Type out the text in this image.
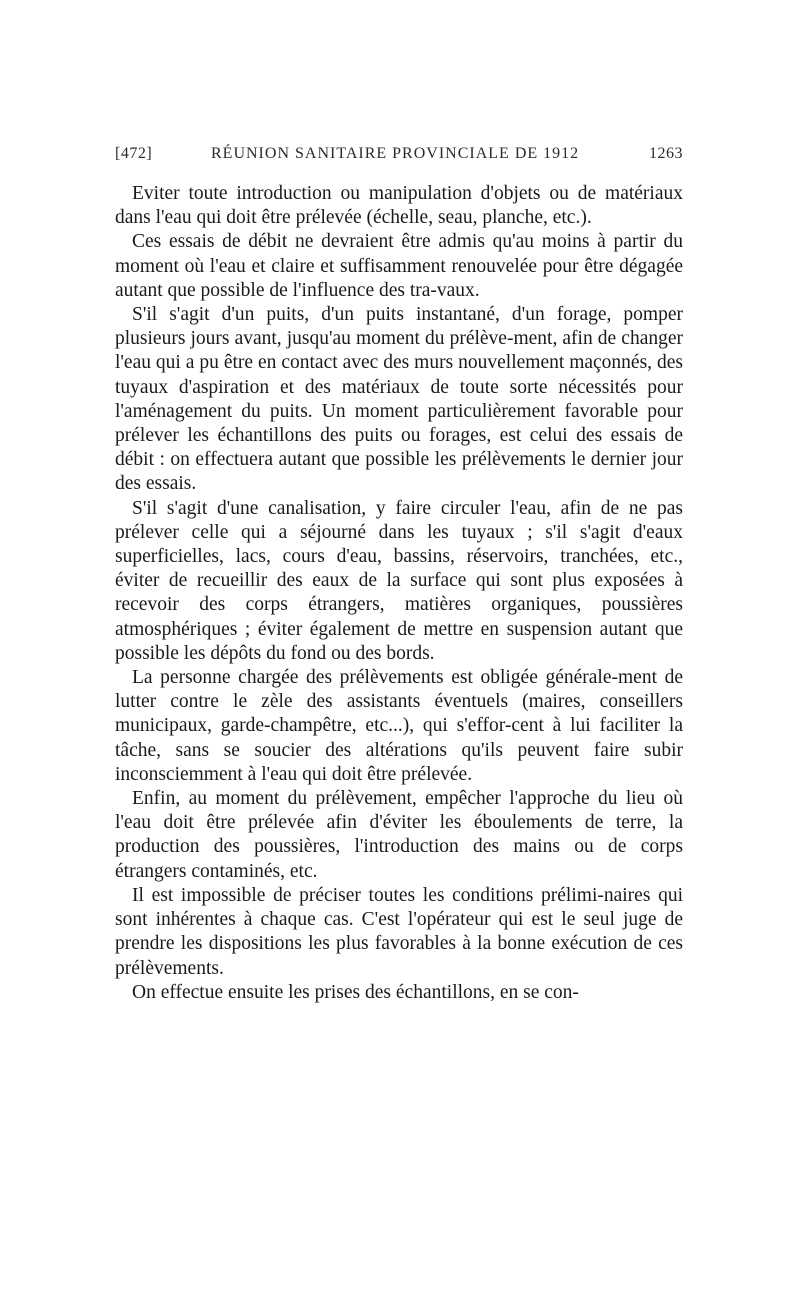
[472]	RÉUNION SANITAIRE PROVINCIALE DE 1912	1263

Eviter toute introduction ou manipulation d'objets ou de matériaux dans l'eau qui doit être prélevée (échelle, seau, planche, etc.).

Ces essais de débit ne devraient être admis qu'au moins à partir du moment où l'eau et claire et suffisamment renouvelée pour être dégagée autant que possible de l'influence des tra-vaux.

S'il s'agit d'un puits, d'un puits instantané, d'un forage, pomper plusieurs jours avant, jusqu'au moment du prélève-ment, afin de changer l'eau qui a pu être en contact avec des murs nouvellement maçonnés, des tuyaux d'aspiration et des matériaux de toute sorte nécessités pour l'aménagement du puits. Un moment particulièrement favorable pour prélever les échantillons des puits ou forages, est celui des essais de débit : on effectuera autant que possible les prélèvements le dernier jour des essais.

S'il s'agit d'une canalisation, y faire circuler l'eau, afin de ne pas prélever celle qui a séjourné dans les tuyaux ; s'il s'agit d'eaux superficielles, lacs, cours d'eau, bassins, réservoirs, tranchées, etc., éviter de recueillir des eaux de la surface qui sont plus exposées à recevoir des corps étrangers, matières organiques, poussières atmosphériques ; éviter également de mettre en suspension autant que possible les dépôts du fond ou des bords.

La personne chargée des prélèvements est obligée générale-ment de lutter contre le zèle des assistants éventuels (maires, conseillers municipaux, garde-champêtre, etc...), qui s'effor-cent à lui faciliter la tâche, sans se soucier des altérations qu'ils peuvent faire subir inconsciemment à l'eau qui doit être prélevée.

Enfin, au moment du prélèvement, empêcher l'approche du lieu où l'eau doit être prélevée afin d'éviter les éboulements de terre, la production des poussières, l'introduction des mains ou de corps étrangers contaminés, etc.

Il est impossible de préciser toutes les conditions prélimi-naires qui sont inhérentes à chaque cas. C'est l'opérateur qui est le seul juge de prendre les dispositions les plus favorables à la bonne exécution de ces prélèvements.

On effectue ensuite les prises des échantillons, en se con-
